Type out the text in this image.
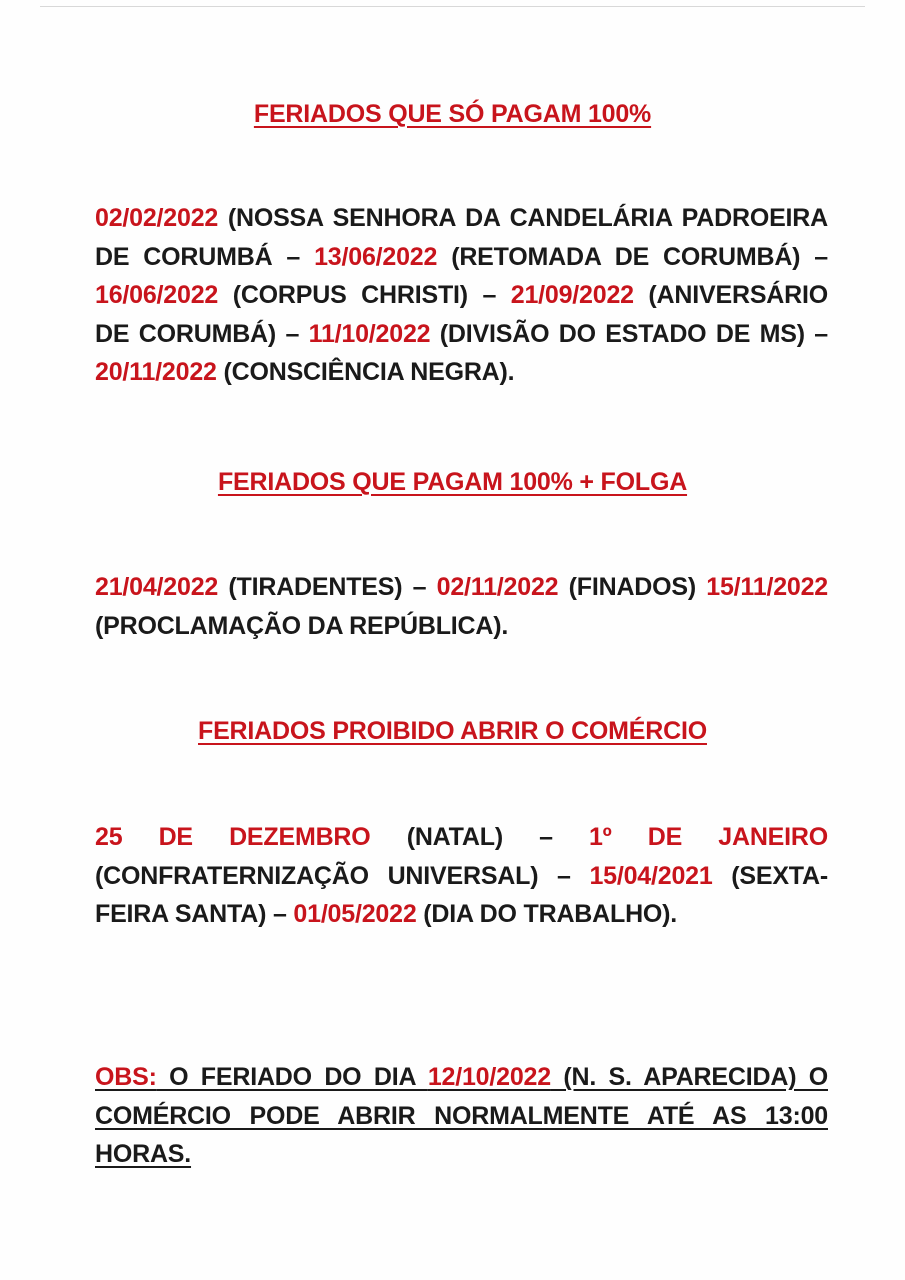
FERIADOS QUE SÓ PAGAM 100%

02/02/2022 (NOSSA SENHORA DA CANDELÁRIA PADROEIRA DE CORUMBÁ – 13/06/2022 (RETOMADA DE CORUMBÁ) – 16/06/2022 (CORPUS CHRISTI) – 21/09/2022 (ANIVERSÁRIO DE CORUMBÁ) – 11/10/2022 (DIVISÃO DO ESTADO DE MS) – 20/11/2022 (CONSCIÊNCIA NEGRA).

FERIADOS QUE PAGAM 100% + FOLGA

21/04/2022 (TIRADENTES) – 02/11/2022 (FINADOS) 15/11/2022 (PROCLAMAÇÃO DA REPÚBLICA).

FERIADOS PROIBIDO ABRIR O COMÉRCIO

25 DE DEZEMBRO (NATAL) – 1º DE JANEIRO (CONFRATERNIZAÇÃO UNIVERSAL) – 15/04/2021 (SEXTA-FEIRA SANTA) – 01/05/2022 (DIA DO TRABALHO).

OBS: O FERIADO DO DIA 12/10/2022 (N. S. APARECIDA) O COMÉRCIO PODE ABRIR NORMALMENTE ATÉ AS 13:00 HORAS.
